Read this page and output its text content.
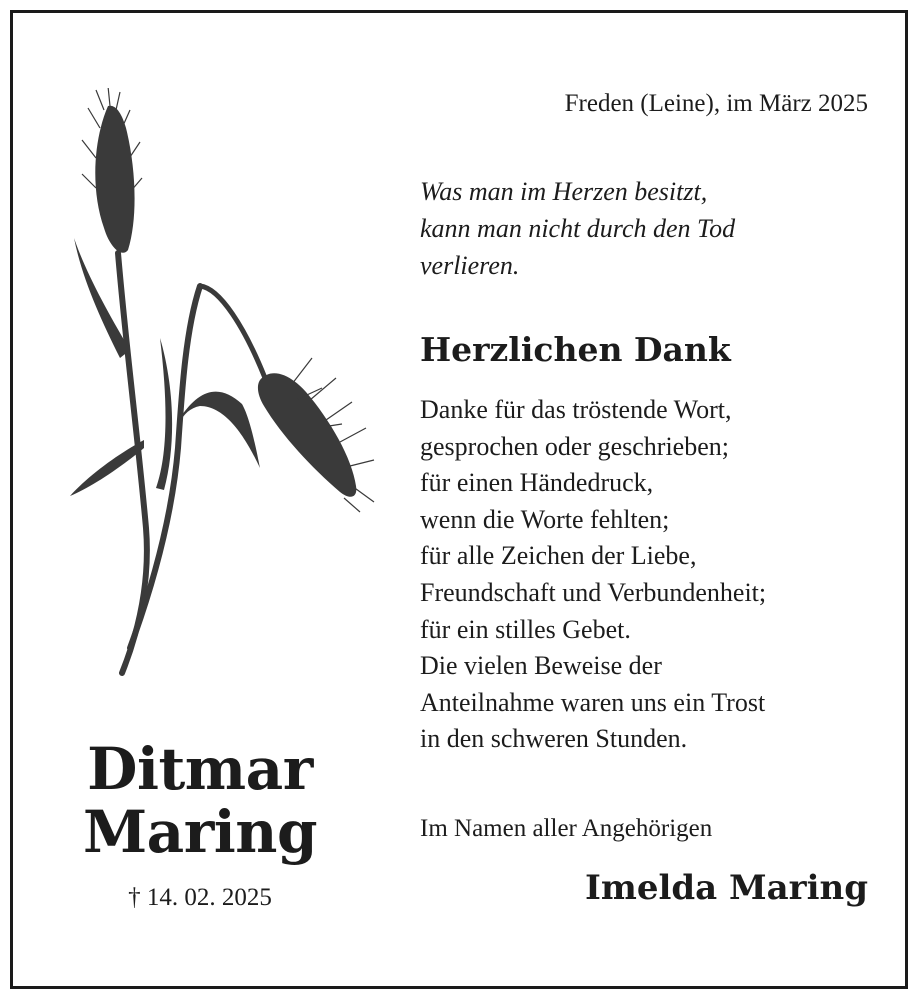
Ditmar
Maring
† 14. 02. 2025
Freden (Leine), im März 2025
Was man im Herzen besitzt,
kann man nicht durch den Tod
verlieren.
Herzlichen Dank
Danke für das tröstende Wort,
gesprochen oder geschrieben;
für einen Händedruck,
wenn die Worte fehlten;
für alle Zeichen der Liebe,
Freundschaft und Verbundenheit;
für ein stilles Gebet.
Die vielen Beweise der
Anteilnahme waren uns ein Trost
in den schweren Stunden.
Im Namen aller Angehörigen
Imelda Maring
